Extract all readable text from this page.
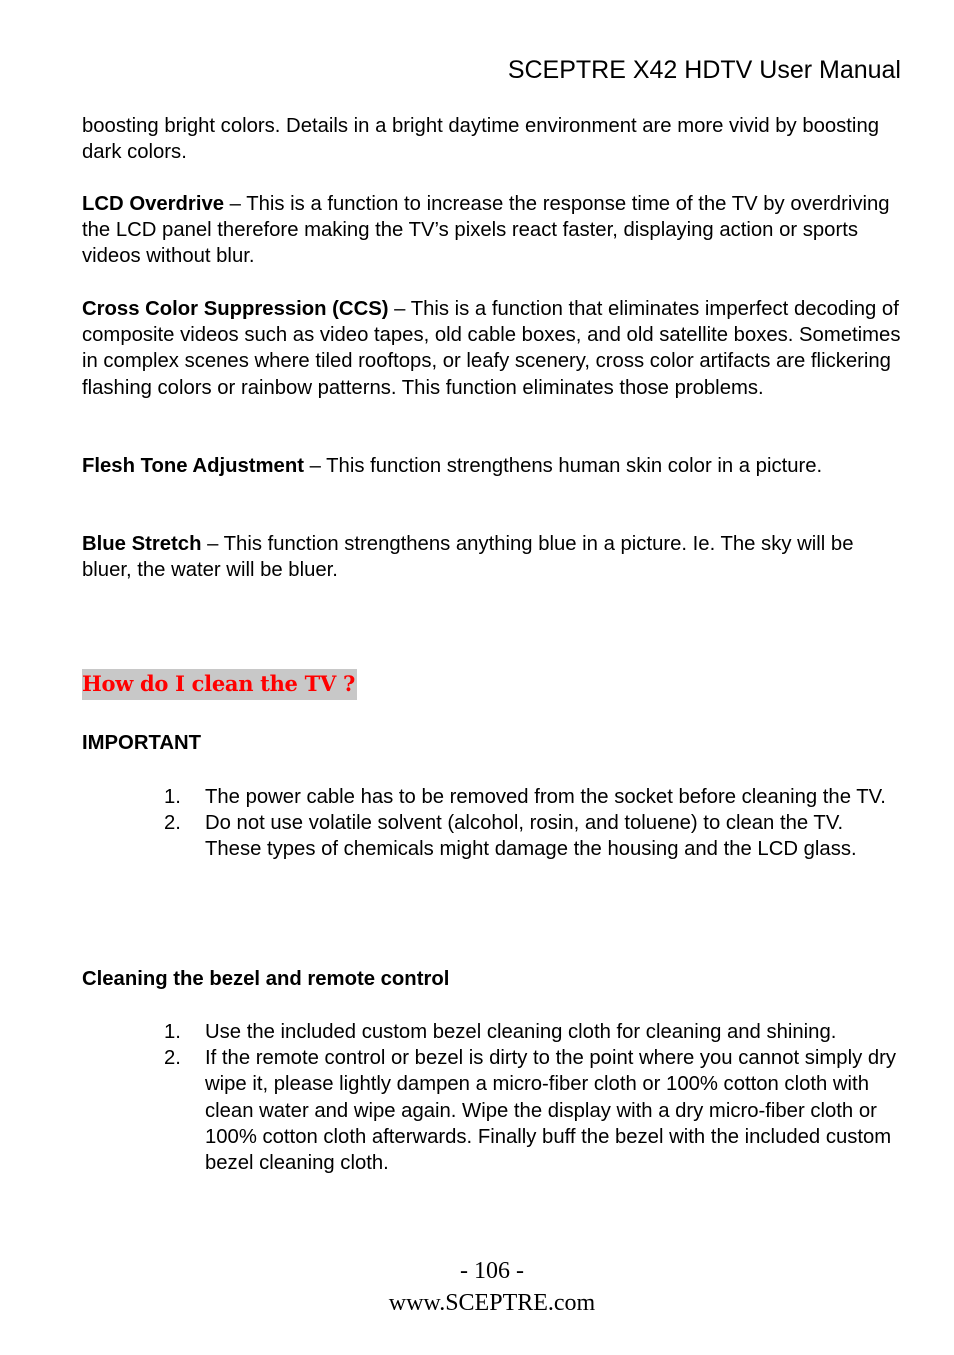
SCEPTRE X42 HDTV User Manual

boosting bright colors. Details in a bright daytime environment are more vivid by boosting dark colors.

LCD Overdrive – This is a function to increase the response time of the TV by overdriving the LCD panel therefore making the TV’s pixels react faster, displaying action or sports videos without blur.

Cross Color Suppression (CCS) – This is a function that eliminates imperfect decoding of composite videos such as video tapes, old cable boxes, and old satellite boxes. Sometimes in complex scenes where tiled rooftops, or leafy scenery, cross color artifacts are flickering flashing colors or rainbow patterns. This function eliminates those problems.

Flesh Tone Adjustment – This function strengthens human skin color in a picture.

Blue Stretch – This function strengthens anything blue in a picture. Ie. The sky will be bluer, the water will be bluer.

How do I clean the TV ?
IMPORTANT
1. The power cable has to be removed from the socket before cleaning the TV.
2. Do not use volatile solvent (alcohol, rosin, and toluene) to clean the TV. These types of chemicals might damage the housing and the LCD glass.
Cleaning the bezel and remote control
1. Use the included custom bezel cleaning cloth for cleaning and shining.
2. If the remote control or bezel is dirty to the point where you cannot simply dry wipe it, please lightly dampen a micro-fiber cloth or 100% cotton cloth with clean water and wipe again. Wipe the display with a dry micro-fiber cloth or 100% cotton cloth afterwards. Finally buff the bezel with the included custom bezel cleaning cloth.
- 106 -
www.SCEPTRE.com
